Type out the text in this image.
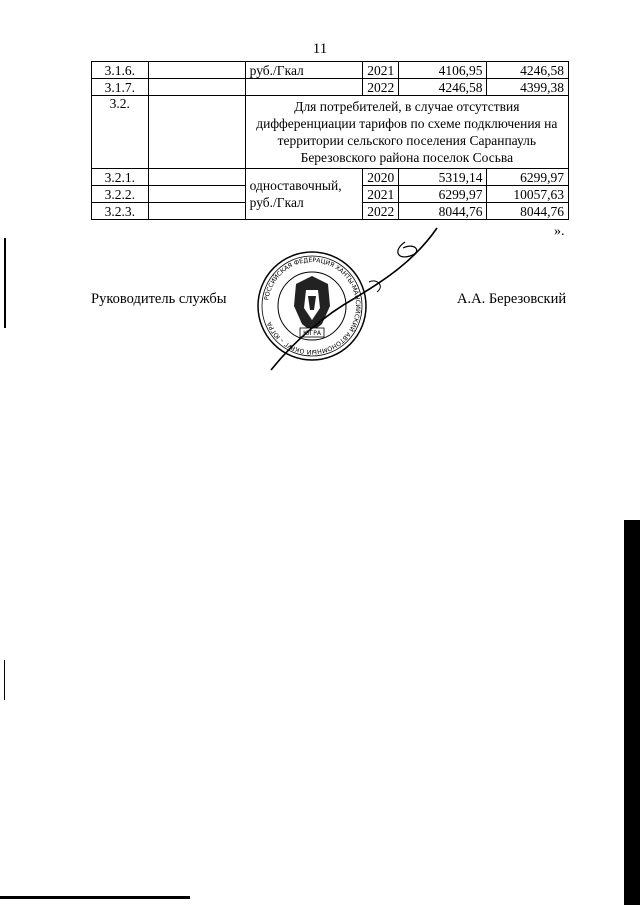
11
3.1.6.		руб./Гкал	2021	4106,95	4246,58
3.1.7.			2022	4246,58	4399,38
3.2.		Для потребителей, в случае отсутствия дифференциации тарифов по схеме подключения на территории сельского поселения Саранпауль Березовского района поселок Сосьва			
3.2.1.		одноставочный, руб./Гкал	2020	5319,14	6299,97
3.2.2.			2021	6299,97	10057,63
3.2.3.			2022	8044,76	8044,76
».
Руководитель службы	А.А. Березовский
ЮГРА
РОССИЙСКАЯ ФЕДЕРАЦИЯ ХАНТЫ-МАНСИЙСКИЙ АВТОНОМНЫЙ ОКРУГ – ЮГРА
